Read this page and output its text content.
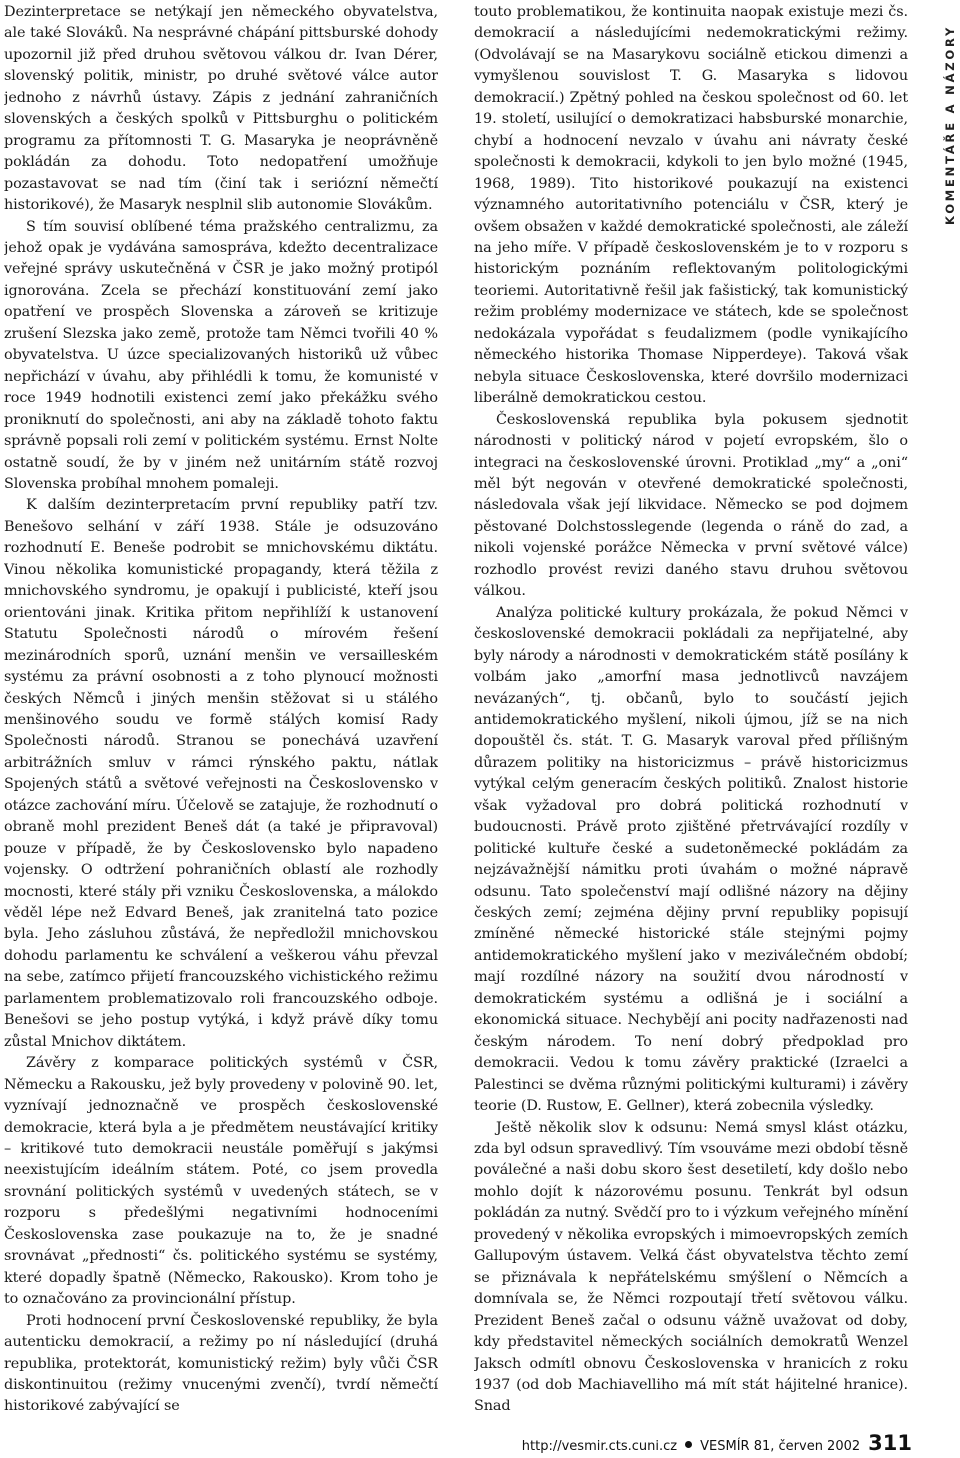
Dezinterpretace se netýkají jen německého obyvatelstva, ale také Slováků. Na nesprávné chápání pittsburské dohody upozornil již před druhou světovou válkou dr. Ivan Dérer, slovenský politik, ministr, po druhé světové válce autor jednoho z návrhů ústavy. Zápis z jednání zahraničních slovenských a českých spolků v Pittsburghu o politickém programu za přítomnosti T. G. Masaryka je neoprávněně pokládán za dohodu. Toto nedopatření umožňuje pozastavovat se nad tím (činí tak i seriózní němečtí historikové), že Masaryk nesplnil slib autonomie Slovákům.

S tím souvisí oblíbené téma pražského centralizmu, za jehož opak je vydávána samospráva, kdežto decentralizace veřejné správy uskutečněná v ČSR je jako možný protipól ignorována. Zcela se přechází konstituování zemí jako opatření ve prospěch Slovenska a zároveň se kritizuje zrušení Slezska jako země, protože tam Němci tvořili 40 % obyvatelstva. U úzce specializovaných historiků už vůbec nepřichází v úvahu, aby přihlédli k tomu, že komunisté v roce 1949 hodnotili existenci zemí jako překážku svého proniknutí do společnosti, ani aby na základě tohoto faktu správně popsali roli zemí v politickém systému. Ernst Nolte ostatně soudí, že by v jiném než unitárním státě rozvoj Slovenska probíhal mnohem pomaleji.

K dalším dezinterpretacím první republiky patří tzv. Benešovo selhání v září 1938. Stále je odsuzováno rozhodnutí E. Beneše podrobit se mnichovskému diktátu. Vinou několika komunistické propagandy, která těžila z mnichovského syndromu, je opakují i publicisté, kteří jsou orientováni jinak. Kritika přitom nepřihlíží k ustanovení Statutu Společnosti národů o mírovém řešení mezinárodních sporů, uznání menšin ve versailleském systému za právní osobnosti a z toho plynoucí možnosti českých Němců i jiných menšin stěžovat si u stálého menšinového soudu ve formě stálých komisí Rady Společnosti národů. Stranou se ponechává uzavření arbitrážních smluv v rámci rýnského paktu, nátlak Spojených států a světové veřejnosti na Československo v otázce zachování míru. Účelově se zatajuje, že rozhodnutí o obraně mohl prezident Beneš dát (a také je připravoval) pouze v případě, že by Československo bylo napadeno vojensky. O odtržení pohraničních oblastí ale rozhodly mocnosti, které stály při vzniku Československa, a málokdo věděl lépe než Edvard Beneš, jak zranitelná tato pozice byla. Jeho zásluhou zůstává, že nepředložil mnichovskou dohodu parlamentu ke schválení a veškerou váhu převzal na sebe, zatímco přijetí francouzského vichistického režimu parlamentem problematizovalo roli francouzského odboje. Benešovi se jeho postup vytýká, i když právě díky tomu zůstal Mnichov diktátem.

Závěry z komparace politických systémů v ČSR, Německu a Rakousku, jež byly provedeny v polovině 90. let, vyznívají jednoznačně ve prospěch československé demokracie, která byla a je předmětem neustávající kritiky – kritikové tuto demokracii neustále poměřují s jakýmsi neexistujícím ideálním státem. Poté, co jsem provedla srovnání politických systémů v uvedených státech, se v rozporu s předešlými negativními hodnoceními Československa zase poukazuje na to, že je snadné srovnávat „přednosti“ čs. politického systému se systémy, které dopadly špatně (Německo, Rakousko). Krom toho je to označováno za provincionální přístup.

Proti hodnocení první Československé republiky, že byla autenticku demokracií, a režimy po ní následující (druhá republika, protektorát, komunistický režim) byly vůči ČSR diskontinuitou (režimy vnucenými zvenčí), tvrdí němečtí historikové zabývající se

touto problematikou, že kontinuita naopak existuje mezi čs. demokracií a následujícími nedemokratickými režimy. (Odvolávají se na Masarykovu sociálně etickou dimenzi a vymyšlenou souvislost T. G. Masaryka s lidovou demokracií.) Zpětný pohled na českou společnost od 60. let 19. století, usilující o demokratizaci habsburské monarchie, chybí a hodnocení nevzalo v úvahu ani návraty české společnosti k demokracii, kdykoli to jen bylo možné (1945, 1968, 1989). Tito historikové poukazují na existenci významného autoritativního potenciálu v ČSR, který je ovšem obsažen v každé demokratické společnosti, ale záleží na jeho míře. V případě československém je to v rozporu s historickým poznáním reflektovaným politologickými teoriemi. Autoritativně řešil jak fašistický, tak komunistický režim problémy modernizace ve státech, kde se společnost nedokázala vypořádat s feudalizmem (podle vynikajícího německého historika Thomase Nipperdeye). Taková však nebyla situace Československa, které dovršilo modernizaci liberálně demokratickou cestou.

Československá republika byla pokusem sjednotit národnosti v politický národ v pojetí evropském, šlo o integraci na československé úrovni. Protiklad „my“ a „oni“ měl být negován v otevřené demokratické společnosti, následovala však její likvidace. Německo se pod dojmem pěstované Dolchstosslegende (legenda o ráně do zad, a nikoli vojenské porážce Německa v první světové válce) rozhodlo provést revizi daného stavu druhou světovou válkou.

Analýza politické kultury prokázala, že pokud Němci v československé demokracii pokládali za nepřijatelné, aby byly národy a národnosti v demokratickém státě posílány k volbám jako „amorfní masa jednotlivců navzájem nevázaných“, tj. občanů, bylo to součástí jejich antidemokratického myšlení, nikoli újmou, jíž se na nich dopouštěl čs. stát. T. G. Masaryk varoval před přílišným důrazem politiky na historicizmus – právě historicizmus vytýkal celým generacím českých politiků. Znalost historie však vyžadoval pro dobrá politická rozhodnutí v budoucnosti. Právě proto zjištěné přetrvávající rozdíly v politické kultuře české a sudetoněmecké pokládám za nejzávažnější námitku proti úvahám o možné nápravě odsunu. Tato společenství mají odlišné názory na dějiny českých zemí; zejména dějiny první republiky popisují zmíněné německé historické stále stejnými pojmy antidemokratického myšlení jako v meziválečném období; mají rozdílné názory na soužití dvou národností v demokratickém systému a odlišná je i sociální a ekonomická situace. Nechybějí ani pocity nadřazenosti nad českým národem. To není dobrý předpoklad pro demokracii. Vedou k tomu závěry praktické (Izraelci a Palestinci se dvěma různými politickými kulturami) i závěry teorie (D. Rustow, E. Gellner), která zobecnila výsledky.

Ještě několik slov k odsunu: Nemá smysl klást otázku, zda byl odsun spravedlivý. Tím vsouváme mezi období těsně poválečné a naši dobu skoro šest desetiletí, kdy došlo nebo mohlo dojít k názorovému posunu. Tenkrát byl odsun pokládán za nutný. Svědčí pro to i výzkum veřejného mínění provedený v několika evropských i mimoevropských zemích Gallupovým ústavem. Velká část obyvatelstva těchto zemí se přiznávala k nepřátelskému smýšlení o Němcích a domnívala se, že Němci rozpoutají třetí světovou válku. Prezident Beneš začal o odsunu vážně uvažovat od doby, kdy představitel německých sociálních demokratů Wenzel Jaksch odmítl obnovu Československa v hranicích z roku 1937 (od dob Machiavelliho má mít stát hájitelné hranice). Snad

KOMENTÁŘE A NÁZORY
http://vesmir.cts.cuni.cz VESMÍR 81, červen 2002 311
